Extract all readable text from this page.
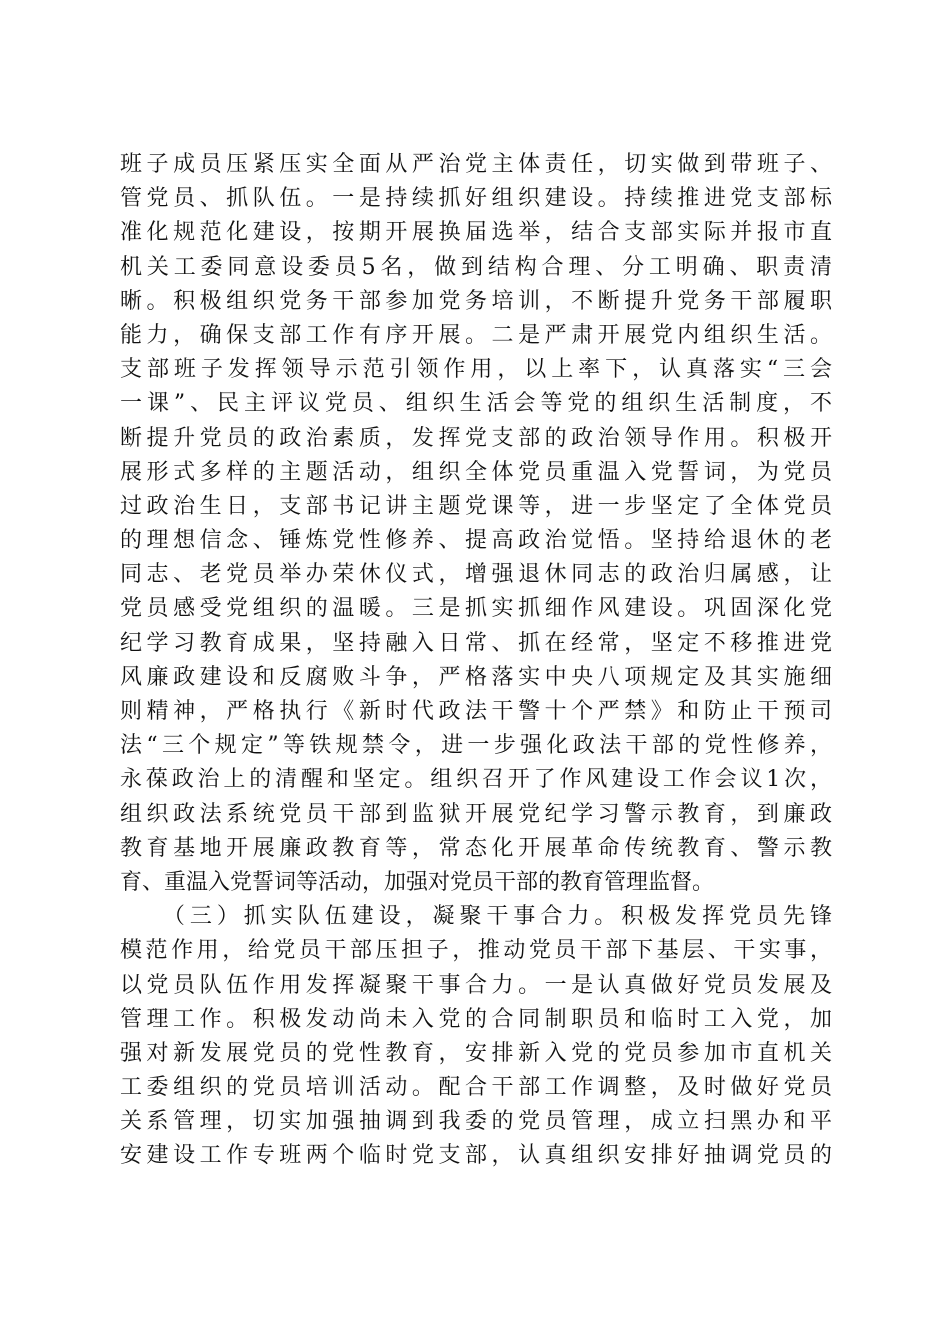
班子成员压紧压实全面从严治党主体责任，切实做到带班子、
管党员、抓队伍。一是持续抓好组织建设。持续推进党支部标
准化规范化建设，按期开展换届选举，结合支部实际并报市直
机关工委同意设委员5名，做到结构合理、分工明确、职责清
晰。积极组织党务干部参加党务培训，不断提升党务干部履职
能力，确保支部工作有序开展。二是严肃开展党内组织生活。
支部班子发挥领导示范引领作用，以上率下，认真落实“三会
一课”、民主评议党员、组织生活会等党的组织生活制度，不
断提升党员的政治素质，发挥党支部的政治领导作用。积极开
展形式多样的主题活动，组织全体党员重温入党誓词，为党员
过政治生日，支部书记讲主题党课等，进一步坚定了全体党员
的理想信念、锤炼党性修养、提高政治觉悟。坚持给退休的老
同志、老党员举办荣休仪式，增强退休同志的政治归属感，让
党员感受党组织的温暖。三是抓实抓细作风建设。巩固深化党
纪学习教育成果，坚持融入日常、抓在经常，坚定不移推进党
风廉政建设和反腐败斗争，严格落实中央八项规定及其实施细
则精神，严格执行《新时代政法干警十个严禁》和防止干预司
法“三个规定”等铁规禁令，进一步强化政法干部的党性修养，
永葆政治上的清醒和坚定。组织召开了作风建设工作会议1次，
组织政法系统党员干部到监狱开展党纪学习警示教育，到廉政
教育基地开展廉政教育等，常态化开展革命传统教育、警示教
育、重温入党誓词等活动，加强对党员干部的教育管理监督。
　　（三）抓实队伍建设，凝聚干事合力。积极发挥党员先锋
模范作用，给党员干部压担子，推动党员干部下基层、干实事，
以党员队伍作用发挥凝聚干事合力。一是认真做好党员发展及
管理工作。积极发动尚未入党的合同制职员和临时工入党，加
强对新发展党员的党性教育，安排新入党的党员参加市直机关
工委组织的党员培训活动。配合干部工作调整，及时做好党员
关系管理，切实加强抽调到我委的党员管理，成立扫黑办和平
安建设工作专班两个临时党支部，认真组织安排好抽调党员的
